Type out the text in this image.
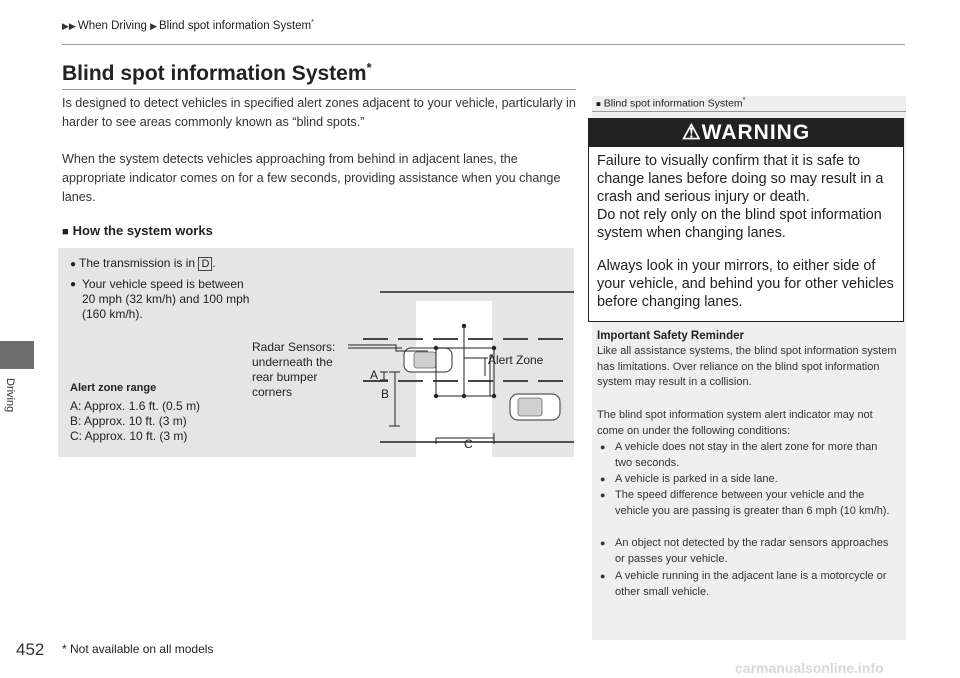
Driving
▶▶ When Driving ▶ Blind spot information System*
Blind spot information System*
Is designed to detect vehicles in specified alert zones adjacent to your vehicle, particularly in harder to see areas commonly known as “blind spots.”
When the system detects vehicles approaching from behind in adjacent lanes, the appropriate indicator comes on for a few seconds, providing assistance when you change lanes.
■ How the system works
● The transmission is in D .
● Your vehicle speed is between 20 mph (32 km/h) and 100 mph (160 km/h).
Alert zone range
A: Approx. 1.6 ft. (0.5 m)
B: Approx. 10 ft. (3 m)
C: Approx. 10 ft. (3 m)
Radar Sensors: underneath the rear bumper corners
Alert Zone
A
B
C
■ Blind spot information System*
⚠WARNING
Failure to visually confirm that it is safe to change lanes before doing so may result in a crash and serious injury or death.
Do not rely only on the blind spot information system when changing lanes.
Always look in your mirrors, to either side of your vehicle, and behind you for other vehicles before changing lanes.
Important Safety Reminder
Like all assistance systems, the blind spot information system has limitations. Over reliance on the blind spot information system may result in a collision.
The blind spot information system alert indicator may not come on under the following conditions:
● A vehicle does not stay in the alert zone for more than two seconds.
● A vehicle is parked in a side lane.
● The speed difference between your vehicle and the vehicle you are passing is greater than 6 mph (10 km/h).
● An object not detected by the radar sensors approaches or passes your vehicle.
● A vehicle running in the adjacent lane is a motorcycle or other small vehicle.
452 * Not available on all models
carmanualsonline.info
